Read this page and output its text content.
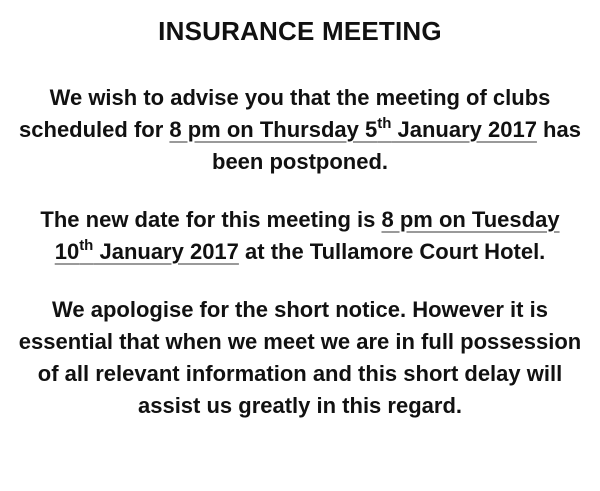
INSURANCE MEETING

We wish to advise you that the meeting of clubs scheduled for 8 pm on Thursday 5th January 2017 has been postponed.

The new date for this meeting is 8 pm on Tuesday 10th January 2017 at the Tullamore Court Hotel.

We apologise for the short notice. However it is essential that when we meet we are in full possession of all relevant information and this short delay will assist us greatly in this regard.
